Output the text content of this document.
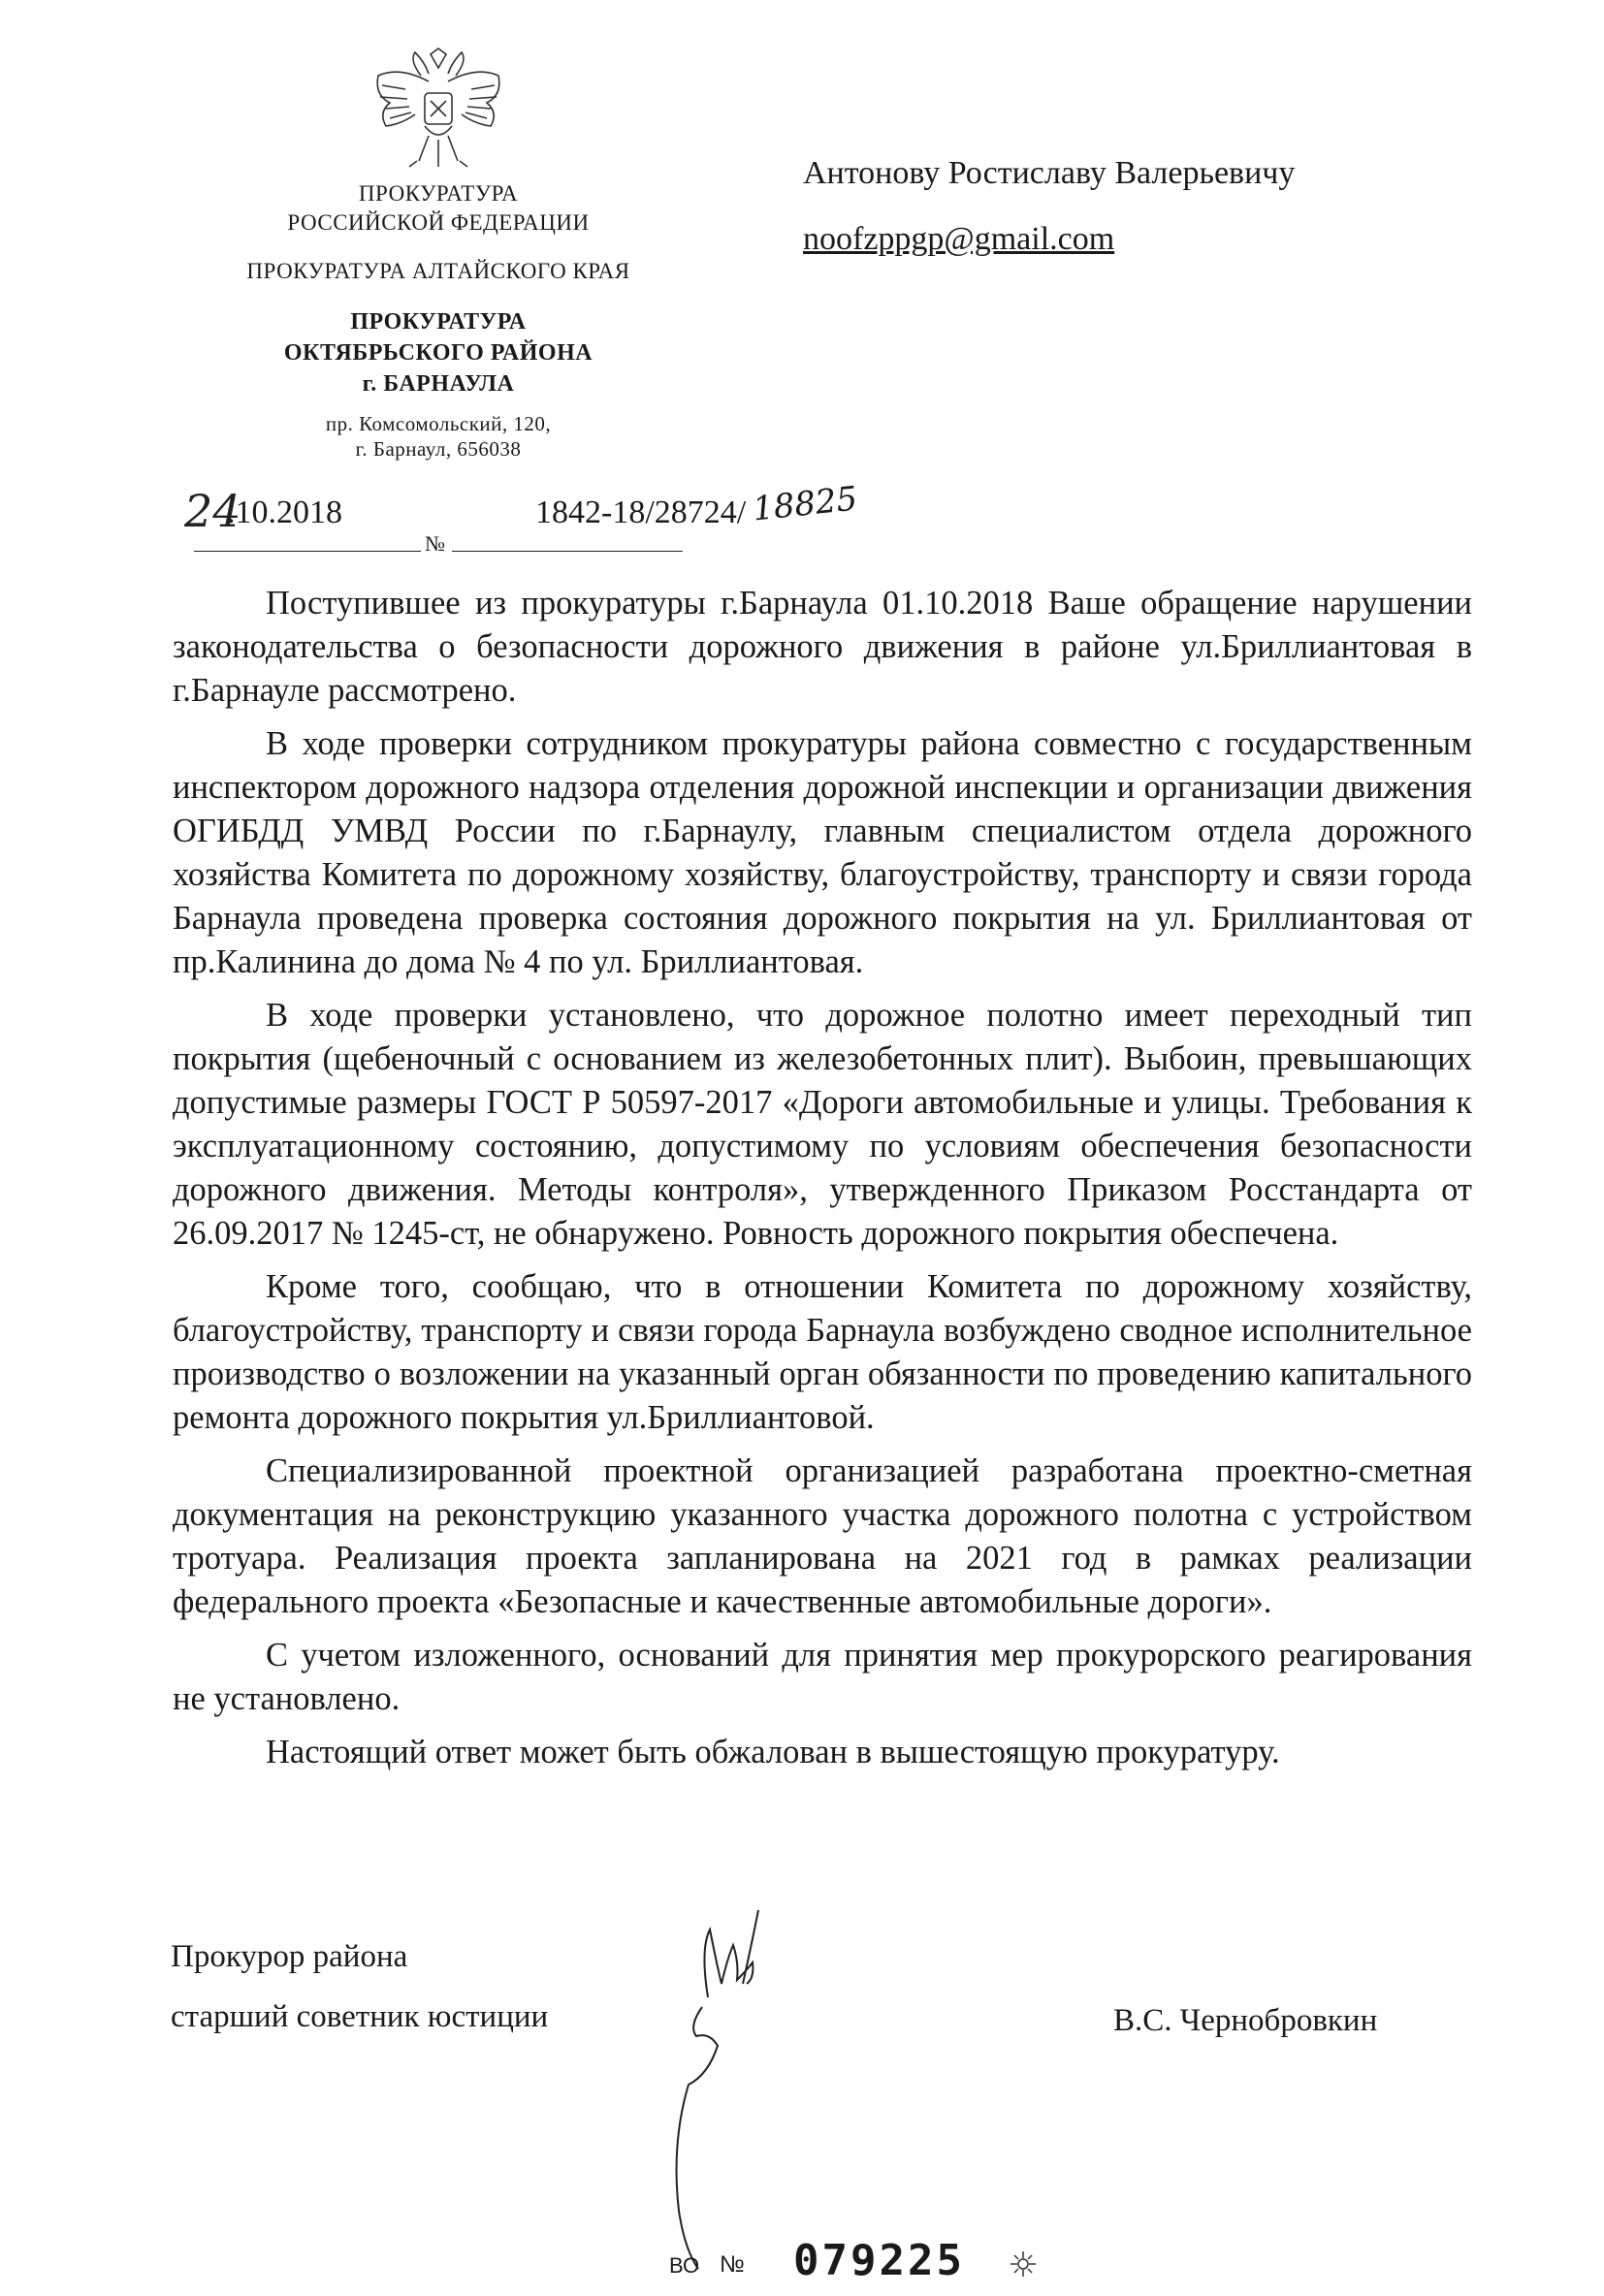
ПРОКУРАТУРА
РОССИЙСКОЙ ФЕДЕРАЦИИ
ПРОКУРАТУРА АЛТАЙСКОГО КРАЯ
ПРОКУРАТУРА
ОКТЯБРЬСКОГО РАЙОНА
г. БАРНАУЛА
пр. Комсомольский, 120,
г. Барнаул, 656038
Антонову Ростиславу Валерьевичу
noofzppgp@gmail.com
24
.10.2018
№
1842-18/28724/ 18825

Поступившее из прокуратуры г.Барнаула 01.10.2018 Ваше обращение нарушении законодательства о безопасности дорожного движения в районе ул.Бриллиантовая в г.Барнауле рассмотрено.

В ходе проверки сотрудником прокуратуры района совместно с государственным инспектором дорожного надзора отделения дорожной инспекции и организации движения ОГИБДД УМВД России по г.Барнаулу, главным специалистом отдела дорожного хозяйства Комитета по дорожному хозяйству, благоустройству, транспорту и связи города Барнаула проведена проверка состояния дорожного покрытия на ул. Бриллиантовая от пр.Калинина до дома № 4 по ул. Бриллиантовая.

В ходе проверки установлено, что дорожное полотно имеет переходный тип покрытия (щебеночный с основанием из железобетонных плит). Выбоин, превышающих допустимые размеры ГОСТ Р 50597-2017 «Дороги автомобильные и улицы. Требования к эксплуатационному состоянию, допустимому по условиям обеспечения безопасности дорожного движения. Методы контроля», утвержденного Приказом Росстандарта от 26.09.2017 № 1245-ст, не обнаружено. Ровность дорожного покрытия обеспечена.

Кроме того, сообщаю, что в отношении Комитета по дорожному хозяйству, благоустройству, транспорту и связи города Барнаула возбуждено сводное исполнительное производство о возложении на указанный орган обязанности по проведению капитального ремонта дорожного покрытия ул.Бриллиантовой.

Специализированной проектной организацией разработана проектно-сметная документация на реконструкцию указанного участка дорожного полотна с устройством тротуара. Реализация проекта запланирована на 2021 год в рамках реализации федерального проекта «Безопасные и качественные автомобильные дороги».

С учетом изложенного, оснований для принятия мер прокурорского реагирования не установлено.

Настоящий ответ может быть обжалован в вышестоящую прокуратуру.

Прокурор района
старший советник юстиции	В.С. Чернобровкин
ВО № 079225
